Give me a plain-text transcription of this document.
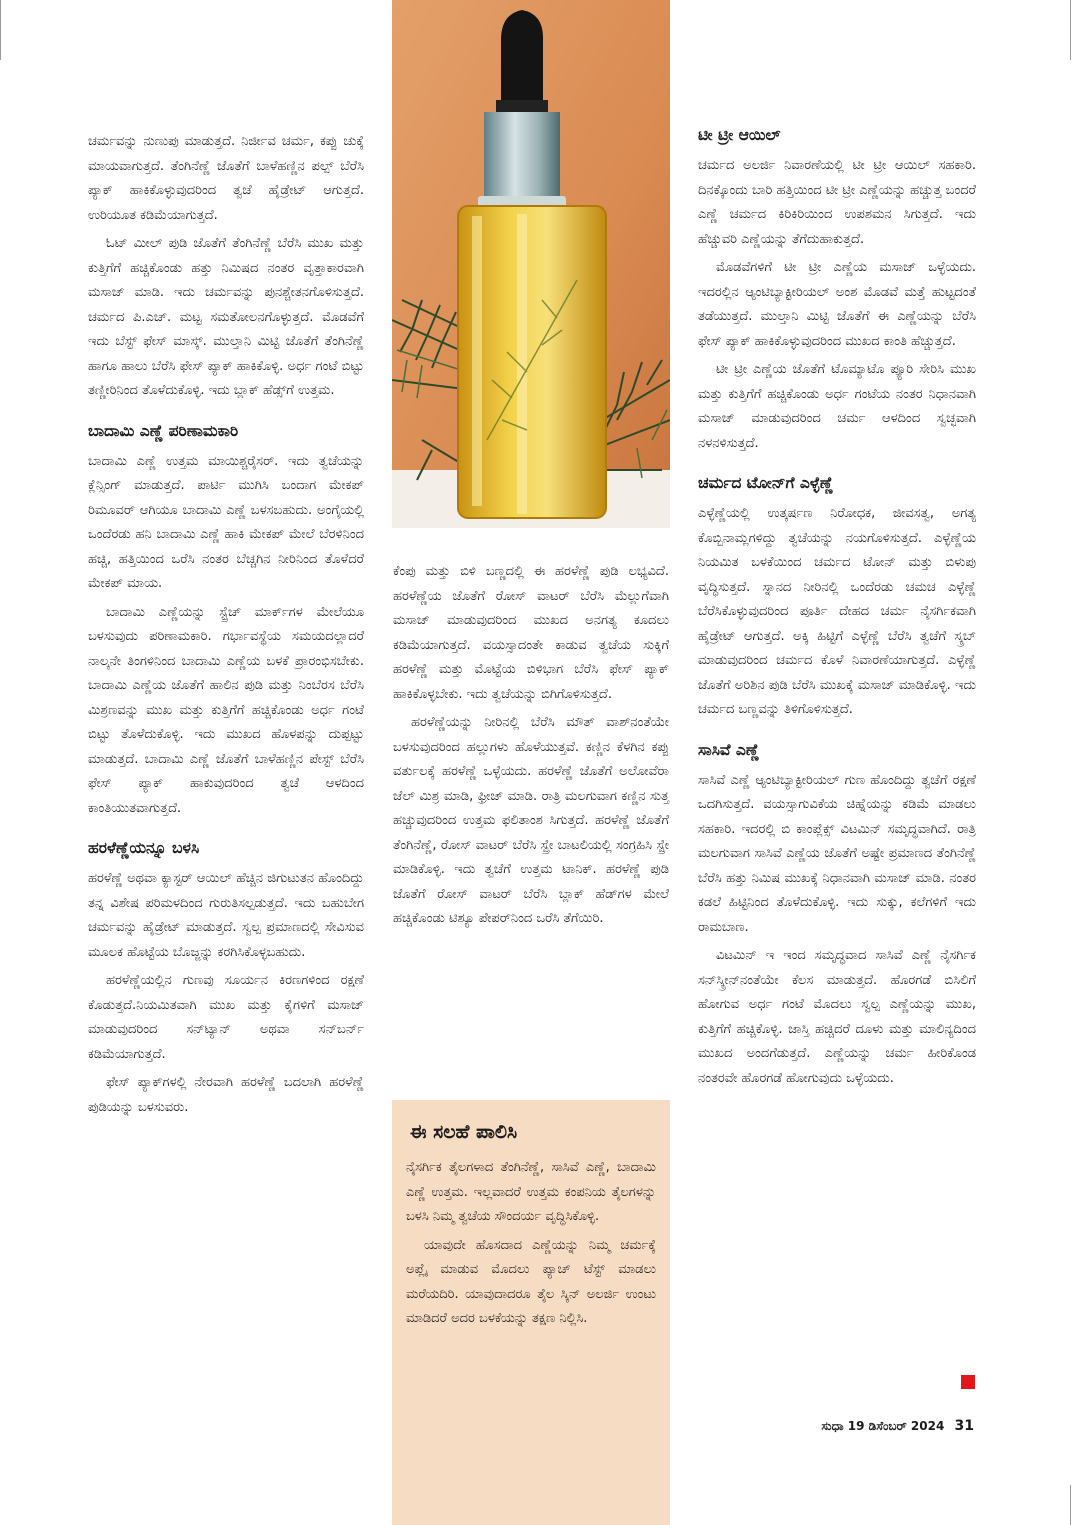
ಚರ್ಮವನ್ನು ನುಣುಪು ಮಾಡುತ್ತದೆ. ನಿರ್ಜೀವ ಚರ್ಮ, ಕಪ್ಪು ಚುಕ್ಕೆ ಮಾಯವಾಗುತ್ತದೆ. ತೆಂಗಿನೆಣ್ಣೆ ಜೊತೆಗೆ ಬಾಳೆಹಣ್ಣಿನ ಪಲ್ಪ್ ಬೆರೆಸಿ ಪ್ಯಾಕ್ ಹಾಕಿಕೊಳ್ಳುವುದರಿಂದ ತ್ವಚೆ ಹೈಡ್ರೇಟ್ ಆಗುತ್ತದೆ. ಉರಿಯೂತ ಕಡಿಮೆಯಾಗುತ್ತದೆ.

ಓಟ್ ಮೀಲ್ ಪುಡಿ ಜೊತೆಗೆ ತೆಂಗಿನೆಣ್ಣೆ ಬೆರೆಸಿ ಮುಖ ಮತ್ತು ಕುತ್ತಿಗೆಗೆ ಹಚ್ಚಿಕೊಂಡು ಹತ್ತು ನಿಮಿಷದ ನಂತರ ವೃತ್ತಾಕಾರವಾಗಿ ಮಸಾಜ್ ಮಾಡಿ. ಇದು ಚರ್ಮವನ್ನು ಪುನಶ್ಚೇತನಗೊಳಿಸುತ್ತದೆ. ಚರ್ಮದ ಪಿ.ಎಚ್. ಮಟ್ಟ ಸಮತೋಲನಗೊಳ್ಳುತ್ತದೆ. ಮೊಡವೆಗೆ ಇದು ಬೆಸ್ಟ್ ಫೇಸ್ ಮಾಸ್ಕ್. ಮುಲ್ತಾನಿ ಮಿಟ್ಟಿ ಜೊತೆಗೆ ತೆಂಗಿನೆಣ್ಣೆ ಹಾಗೂ ಹಾಲು ಬೆರೆಸಿ ಫೇಸ್ ಪ್ಯಾಕ್ ಹಾಕಿಕೊಳ್ಳಿ. ಅರ್ಧ ಗಂಟೆ ಬಿಟ್ಟು ತಣ್ಣೀರಿನಿಂದ ತೊಳೆದುಕೊಳ್ಳಿ. ಇದು ಬ್ಲಾಕ್ ಹೆಡ್ಸ್‌ಗೆ ಉತ್ತಮ.

ಬಾದಾಮಿ ಎಣ್ಣೆ ಪರಿಣಾಮಕಾರಿ

ಬಾದಾಮಿ ಎಣ್ಣೆ ಉತ್ತಮ ಮಾಯಿಶ್ಚರೈಸರ್. ಇದು ತ್ವಚೆಯನ್ನು ಕ್ಲೆನ್ಸಿಂಗ್ ಮಾಡುತ್ತದೆ. ಪಾರ್ಟಿ ಮುಗಿಸಿ ಬಂದಾಗ ಮೇಕಪ್ ರಿಮೂವರ್ ಆಗಿಯೂ ಬಾದಾಮಿ ಎಣ್ಣೆ ಬಳಸಬಹುದು. ಅಂಗೈಯಲ್ಲಿ ಒಂದೆರಡು ಹನಿ ಬಾದಾಮಿ ಎಣ್ಣೆ ಹಾಕಿ ಮೇಕಪ್ ಮೇಲೆ ಬೆರಳಿನಿಂದ ಹಚ್ಚಿ, ಹತ್ತಿಯಿಂದ ಒರೆಸಿ ನಂತರ ಬೆಚ್ಚಗಿನ ನೀರಿನಿಂದ ತೊಳೆದರೆ ಮೇಕಪ್ ಮಾಯ.

ಬಾದಾಮಿ ಎಣ್ಣೆಯನ್ನು ಸ್ಟ್ರೆಚ್ ಮಾರ್ಕ್‌ಗಳ ಮೇಲೆಯೂ ಬಳಸುವುದು ಪರಿಣಾಮಕಾರಿ. ಗರ್ಭಾವಸ್ಥೆಯ ಸಮಯದಲ್ಲಾದರೆ ನಾಲ್ಕನೇ ತಿಂಗಳಿನಿಂದ ಬಾದಾಮಿ ಎಣ್ಣೆಯ ಬಳಕೆ ಪ್ರಾರಂಭಿಸಬೇಕು. ಬಾದಾಮಿ ಎಣ್ಣೆಯ ಜೊತೆಗೆ ಹಾಲಿನ ಪುಡಿ ಮತ್ತು ನಿಂಬೆರಸ ಬೆರೆಸಿ ಮಿಶ್ರಣವನ್ನು ಮುಖ ಮತ್ತು ಕುತ್ತಿಗೆಗೆ ಹಚ್ಚಿಕೊಂಡು ಅರ್ಧ ಗಂಟೆ ಬಿಟ್ಟು ತೊಳೆದುಕೊಳ್ಳಿ. ಇದು ಮುಖದ ಹೊಳಪನ್ನು ದುಪ್ಪಟ್ಟು ಮಾಡುತ್ತದೆ. ಬಾದಾಮಿ ಎಣ್ಣೆ ಜೊತೆಗೆ ಬಾಳೆಹಣ್ಣಿನ ಪೇಸ್ಟ್ ಬೆರೆಸಿ ಫೇಸ್ ಪ್ಯಾಕ್ ಹಾಕುವುದರಿಂದ ತ್ವಚೆ ಆಳದಿಂದ ಕಾಂತಿಯುತವಾಗುತ್ತದೆ.

ಹರಳೆಣ್ಣೆಯನ್ನೂ ಬಳಸಿ

ಹರಳೆಣ್ಣೆ ಅಥವಾ ಕ್ಯಾಸ್ಟರ್ ಆಯಿಲ್ ಹೆಚ್ಚಿನ ಜಿಗುಟುತನ ಹೊಂದಿದ್ದು ತನ್ನ ವಿಶೇಷ ಪರಿಮಳದಿಂದ ಗುರುತಿಸಲ್ಪಡುತ್ತದೆ. ಇದು ಬಹುಬೇಗ ಚರ್ಮವನ್ನು ಹೈಡ್ರೇಟ್ ಮಾಡುತ್ತದೆ. ಸ್ವಲ್ಪ ಪ್ರಮಾಣದಲ್ಲಿ ಸೇವಿಸುವ ಮೂಲಕ ಹೊಟ್ಟೆಯ ಬೊಜ್ಜನ್ನು ಕರಗಿಸಿಕೊಳ್ಳಬಹುದು.

ಹರಳೆಣ್ಣೆಯಲ್ಲಿನ ಗುಣವು ಸೂರ್ಯನ ಕಿರಣಗಳಿಂದ ರಕ್ಷಣೆ ಕೊಡುತ್ತದೆ.ನಿಯಮಿತವಾಗಿ ಮುಖ ಮತ್ತು ಕೈಗಳಿಗೆ ಮಸಾಜ್ ಮಾಡುವುದರಿಂದ ಸನ್‌ಟ್ಯಾನ್ ಅಥವಾ ಸನ್‌ಬರ್ನ್ ಕಡಿಮೆಯಾಗುತ್ತದೆ.

ಫೇಸ್ ಪ್ಯಾಕ್‌ಗಳಲ್ಲಿ ನೇರವಾಗಿ ಹರಳೆಣ್ಣೆ ಬದಲಾಗಿ ಹರಳೆಣ್ಣೆ ಪುಡಿಯನ್ನು ಬಳಸುವರು.

ಕೆಂಪು ಮತ್ತು ಬಿಳಿ ಬಣ್ಣದಲ್ಲಿ ಈ ಹರಳೆಣ್ಣೆ ಪುಡಿ ಲಭ್ಯವಿದೆ. ಹರಳೆಣ್ಣೆಯ ಜೊತೆಗೆ ರೋಸ್ ವಾಟರ್ ಬೆರೆಸಿ ಮೆಲ್ಲುಗೆವಾಗಿ ಮಸಾಜ್ ಮಾಡುವುದರಿಂದ ಮುಖದ ಅನಗತ್ಯ ಕೂದಲು ಕಡಿಮೆಯಾಗುತ್ತದೆ. ವಯಸ್ಸಾದಂತೇ ಕಾಡುವ ತ್ವಚೆಯ ಸುಕ್ಕಿಗೆ ಹರಳೆಣ್ಣೆ ಮತ್ತು ಮೊಟ್ಟೆಯ ಬಿಳಿಭಾಗ ಬೆರೆಸಿ ಫೇಸ್ ಪ್ಯಾಕ್ ಹಾಕಿಕೊಳ್ಳಬೇಕು. ಇದು ತ್ವಚೆಯನ್ನು ಬಿಗಿಗೊಳಿಸುತ್ತದೆ.

ಹರಳೆಣ್ಣೆಯನ್ನು ನೀರಿನಲ್ಲಿ ಬೆರೆಸಿ ಮೌತ್ ವಾಶ್‌ನಂತೆಯೇ ಬಳಸುವುದರಿಂದ ಹಲ್ಲುಗಳು ಹೊಳೆಯುತ್ತವೆ. ಕಣ್ಣಿನ ಕೆಳಗಿನ ಕಪ್ಪು ವರ್ತುಲಕ್ಕೆ ಹರಳೆಣ್ಣೆ ಒಳ್ಳೆಯದು. ಹರಳೆಣ್ಣೆ ಜೊತೆಗೆ ಅಲೋವೆರಾ ಜೆಲ್ ಮಿಶ್ರ ಮಾಡಿ, ಫ್ರೀಜ್ ಮಾಡಿ. ರಾತ್ರಿ ಮಲಗುವಾಗ ಕಣ್ಣಿನ ಸುತ್ತ ಹಚ್ಚುವುದರಿಂದ ಉತ್ತಮ ಫಲಿತಾಂಶ ಸಿಗುತ್ತದೆ. ಹರಳೆಣ್ಣೆ ಜೊತೆಗೆ ತೆಂಗಿನೆಣ್ಣೆ, ರೋಸ್ ವಾಟರ್ ಬೆರೆಸಿ ಸ್ಪ್ರೇ ಬಾಟಲಿಯಲ್ಲಿ ಸಂಗ್ರಹಿಸಿ ಸ್ಪ್ರೇ ಮಾಡಿಕೊಳ್ಳಿ. ಇದು ತ್ವಚೆಗೆ ಉತ್ತಮ ಟಾನಿಕ್. ಹರಳೆಣ್ಣೆ ಪುಡಿ ಜೊತೆಗೆ ರೋಸ್ ವಾಟರ್ ಬೆರೆಸಿ ಬ್ಲಾಕ್ ಹೆಡ್‌ಗಳ ಮೇಲೆ ಹಚ್ಚಿಕೊಂಡು ಟಿಶ್ಯೂ ಪೇಪರ್‌ನಿಂದ ಒರೆಸಿ ತೆಗೆಯಿರಿ.

ಈ ಸಲಹೆ ಪಾಲಿಸಿ

ನೈಸರ್ಗಿಕ ತೈಲಗಳಾದ ತೆಂಗಿನೆಣ್ಣೆ, ಸಾಸಿವೆ ಎಣ್ಣೆ, ಬಾದಾಮಿ ಎಣ್ಣೆ ಉತ್ತಮ. ಇಲ್ಲವಾದರೆ ಉತ್ತಮ ಕಂಪನಿಯ ತೈಲಗಳನ್ನು ಬಳಸಿ ನಿಮ್ಮ ತ್ವಚೆಯ ಸೌಂದರ್ಯ ವೃದ್ಧಿಸಿಕೊಳ್ಳಿ.

ಯಾವುದೇ ಹೊಸದಾದ ಎಣ್ಣೆಯನ್ನು ನಿಮ್ಮ ಚರ್ಮಕ್ಕೆ ಅಪ್ಲೈ ಮಾಡುವ ಮೊದಲು ಪ್ಯಾಚ್ ಟೆಸ್ಟ್ ಮಾಡಲು ಮರೆಯದಿರಿ. ಯಾವುದಾದರೂ ತೈಲ ಸ್ಕಿನ್ ಅಲರ್ಜಿ ಉಂಟು ಮಾಡಿದರೆ ಅದರ ಬಳಕೆಯನ್ನು ತಕ್ಷಣ ನಿಲ್ಲಿಸಿ.

ಟೀ ಟ್ರೀ ಆಯಿಲ್

ಚರ್ಮದ ಅಲರ್ಜಿ ನಿವಾರಣೆಯಲ್ಲಿ ಟೀ ಟ್ರೀ ಆಯಿಲ್ ಸಹಕಾರಿ. ದಿನಕ್ಕೊಂದು ಬಾರಿ ಹತ್ತಿಯಿಂದ ಟೀ ಟ್ರೀ ಎಣ್ಣೆಯನ್ನು ಹಚ್ಚುತ್ತ ಬಂದರೆ ಎಣ್ಣೆ ಚರ್ಮದ ಕಿರಿಕಿರಿಯಿಂದ ಉಪಶಮನ ಸಿಗುತ್ತದೆ. ಇದು ಹೆಚ್ಚುವರಿ ಎಣ್ಣೆಯನ್ನು ತೆಗೆದುಹಾಕುತ್ತದೆ.

ಮೊಡವೆಗಳಿಗೆ ಟೀ ಟ್ರೀ ಎಣ್ಣೆಯ ಮಸಾಜ್ ಒಳ್ಳೆಯದು. ಇದರಲ್ಲಿನ ಆ್ಯಂಟಿಬ್ಯಾಕ್ಟೀರಿಯಲ್ ಅಂಶ ಮೊಡವೆ ಮತ್ತೆ ಹುಟ್ಟದಂತೆ ತಡೆಯುತ್ತದೆ. ಮುಲ್ತಾನಿ ಮಿಟ್ಟಿ ಜೊತೆಗೆ ಈ ಎಣ್ಣೆಯನ್ನು ಬೆರೆಸಿ ಫೇಸ್ ಪ್ಯಾಕ್ ಹಾಕಿಕೊಳ್ಳುವುದರಿಂದ ಮುಖದ ಕಾಂತಿ ಹೆಚ್ಚುತ್ತದೆ.

ಟೀ ಟ್ರೀ ಎಣ್ಣೆಯ ಜೊತೆಗೆ ಟೊಮ್ಯಾಟೊ ಪ್ಯೂರಿ ಸೇರಿಸಿ ಮುಖ ಮತ್ತು ಕುತ್ತಿಗೆಗೆ ಹಚ್ಚಿಕೊಂಡು ಅರ್ಧ ಗಂಟೆಯ ನಂತರ ನಿಧಾನವಾಗಿ ಮಸಾಜ್ ಮಾಡುವುದರಿಂದ ಚರ್ಮ ಆಳದಿಂದ ಸ್ವಚ್ಛವಾಗಿ ನಳನಳಿಸುತ್ತದೆ.

ಚರ್ಮದ ಟೋನ್‌ಗೆ ಎಳ್ಳೆಣ್ಣೆ

ಎಳ್ಳೆಣ್ಣೆಯಲ್ಲಿ ಉತ್ಕರ್ಷಣ ನಿರೋಧಕ, ಜೀವಸತ್ವ, ಅಗತ್ಯ ಕೊಬ್ಬಿನಾಮ್ಲಗಳಿದ್ದು ತ್ವಚೆಯನ್ನು ನಯಗೊಳಿಸುತ್ತದೆ. ಎಳ್ಳೆಣ್ಣೆಯ ನಿಯಮಿತ ಬಳಕೆಯಿಂದ ಚರ್ಮದ ಟೋನ್ ಮತ್ತು ಬಿಳುಪು ವೃದ್ಧಿಸುತ್ತದೆ. ಸ್ನಾನದ ನೀರಿನಲ್ಲಿ ಒಂದೆರಡು ಚಮಚ ಎಳ್ಳೆಣ್ಣೆ ಬೆರೆಸಿಕೊಳ್ಳುವುದರಿಂದ ಪೂರ್ತಿ ದೇಹದ ಚರ್ಮ ನೈಸರ್ಗಿಕವಾಗಿ ಹೈಡ್ರೇಟ್ ಆಗುತ್ತದೆ. ಅಕ್ಕಿ ಹಿಟ್ಟಿಗೆ ಎಳ್ಳೆಣ್ಣೆ ಬೆರೆಸಿ ತ್ವಚೆಗೆ ಸ್ಕ್ರಬ್ ಮಾಡುವುದರಿಂದ ಚರ್ಮದ ಕೊಳೆ ನಿವಾರಣೆಯಾಗುತ್ತದೆ. ಎಳ್ಳೆಣ್ಣೆ ಜೊತೆಗೆ ಅರಿಶಿನ ಪುಡಿ ಬೆರೆಸಿ ಮುಖಕ್ಕೆ ಮಸಾಜ್ ಮಾಡಿಕೊಳ್ಳಿ. ಇದು ಚರ್ಮದ ಬಣ್ಣವನ್ನು ತಿಳಿಗೊಳಿಸುತ್ತದೆ.

ಸಾಸಿವೆ ಎಣ್ಣೆ

ಸಾಸಿವೆ ಎಣ್ಣೆ ಆ್ಯಂಟಿಬ್ಯಾಕ್ಟೀರಿಯಲ್ ಗುಣ ಹೊಂದಿದ್ದು ತ್ವಚೆಗೆ ರಕ್ಷಣೆ ಒದಗಿಸುತ್ತದೆ. ವಯಸ್ಸಾಗುವಿಕೆಯ ಚಿಹ್ನೆಯನ್ನು ಕಡಿಮೆ ಮಾಡಲು ಸಹಕಾರಿ. ಇದರಲ್ಲಿ ಬಿ ಕಾಂಪ್ಲೆಕ್ಸ್ ವಿಟಮಿನ್ ಸಮೃದ್ಧವಾಗಿದೆ. ರಾತ್ರಿ ಮಲಗುವಾಗ ಸಾಸಿವೆ ಎಣ್ಣೆಯ ಜೊತೆಗೆ ಅಷ್ಟೇ ಪ್ರಮಾಣದ ತೆಂಗಿನೆಣ್ಣೆ ಬೆರೆಸಿ ಹತ್ತು ನಿಮಿಷ ಮುಖಕ್ಕೆ ನಿಧಾನವಾಗಿ ಮಸಾಜ್ ಮಾಡಿ. ನಂತರ ಕಡಲೆ ಹಿಟ್ಟಿನಿಂದ ತೊಳೆದುಕೊಳ್ಳಿ. ಇದು ಸುಕ್ಕು, ಕಲೆಗಳಿಗೆ ಇದು ರಾಮಬಾಣ.

ವಿಟಮಿನ್ ಇ ಇಂದ ಸಮೃದ್ಧವಾದ ಸಾಸಿವೆ ಎಣ್ಣೆ ನೈಸರ್ಗಿಕ ಸನ್‌ಸ್ಕ್ರೀನ್‌ನಂತೆಯೇ ಕೆಲಸ ಮಾಡುತ್ತದೆ. ಹೊರಗಡೆ ಬಿಸಿಲಿಗೆ ಹೋಗುವ ಅರ್ಧ ಗಂಟೆ ಮೊದಲು ಸ್ವಲ್ಪ ಎಣ್ಣೆಯನ್ನು ಮುಖ, ಕುತ್ತಿಗೆಗೆ ಹಚ್ಚಿಕೊಳ್ಳಿ. ಜಾಸ್ತಿ ಹಚ್ಚಿದರೆ ದೂಳು ಮತ್ತು ಮಾಲಿನ್ಯದಿಂದ ಮುಖದ ಅಂದಗೆಡುತ್ತದೆ. ಎಣ್ಣೆಯನ್ನು ಚರ್ಮ ಹೀರಿಕೊಂಡ ನಂತರವೇ ಹೊರಗಡೆ ಹೋಗುವುದು ಒಳ್ಳೆಯದು.

ಸುಧಾ 19 ಡಿಸೆಂಬರ್ 2024 31
